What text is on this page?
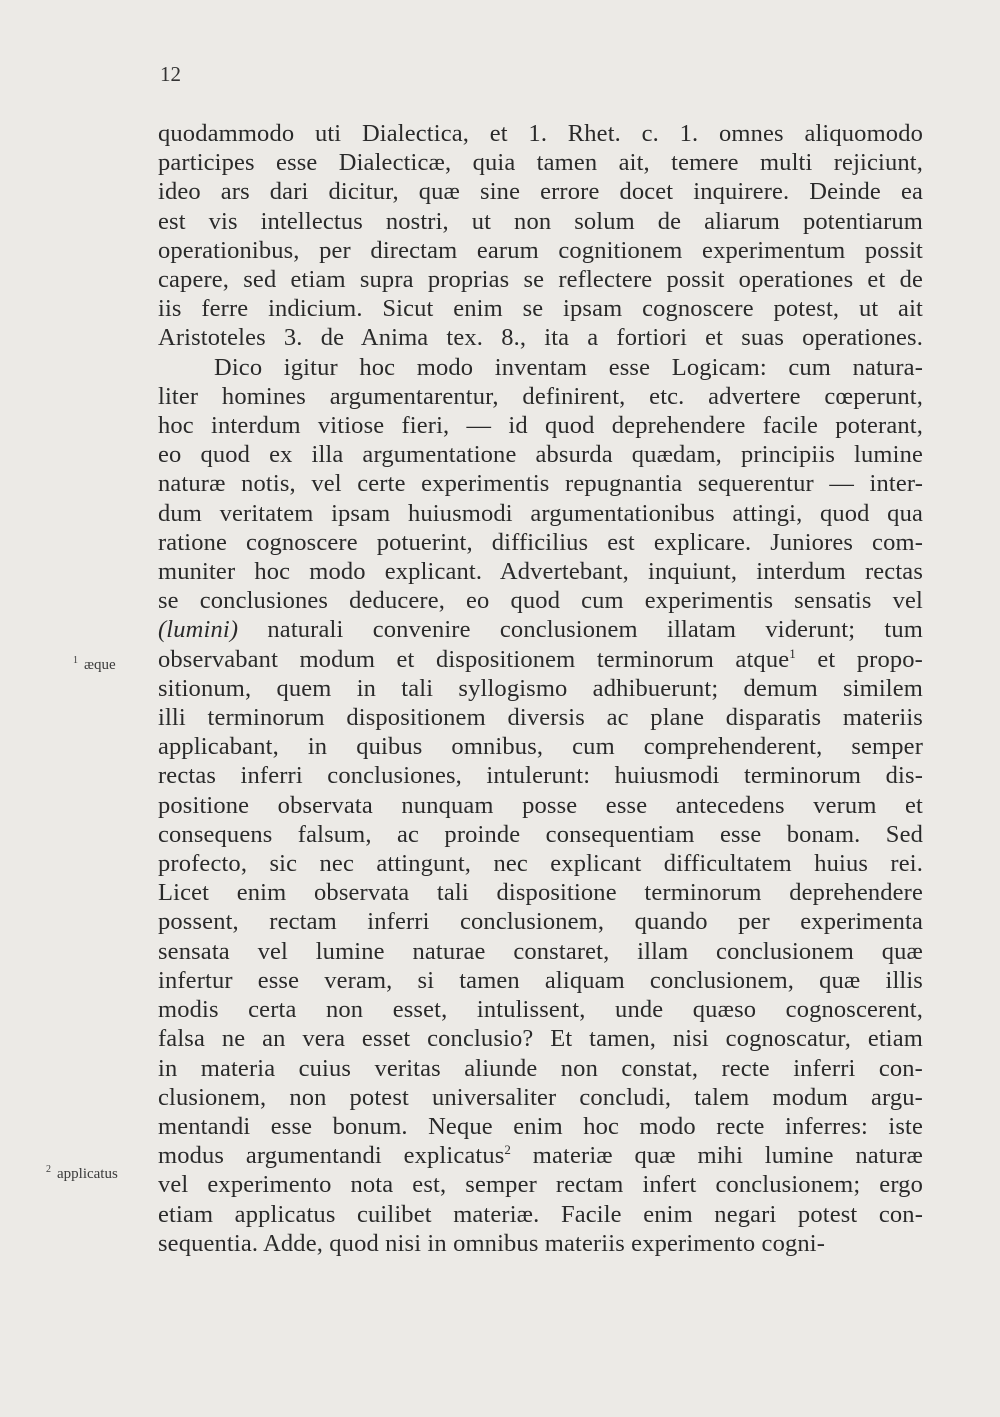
12
$^1$ æque
$^2$ applicatus
quodammodo uti Dialectica, et 1. Rhet. c. 1. omnes aliquomodo
participes esse Dialecticæ, quia tamen ait, temere multi rejiciunt,
ideo ars dari dicitur, quæ sine errore docet inquirere. Deinde ea
est vis intellectus nostri, ut non solum de aliarum potentiarum
operationibus, per directam earum cognitionem experimentum possit
capere, sed etiam supra proprias se reflectere possit operationes et de
iis ferre indicium. Sicut enim se ipsam cognoscere potest, ut ait
Aristoteles 3. de Anima tex. 8., ita a fortiori et suas operationes.
Dico igitur hoc modo inventam esse Logicam: cum natura-
liter homines argumentarentur, definirent, etc. advertere cœperunt,
hoc interdum vitiose fieri, — id quod deprehendere facile poterant,
eo quod ex illa argumentatione absurda quædam, principiis lumine
naturæ notis, vel certe experimentis repugnantia sequerentur — inter-
dum veritatem ipsam huiusmodi argumentationibus attingi, quod qua
ratione cognoscere potuerint, difficilius est explicare. Juniores com-
muniter hoc modo explicant. Advertebant, inquiunt, interdum rectas
se conclusiones deducere, eo quod cum experimentis sensatis vel
(lumini) naturali convenire conclusionem illatam viderunt; tum
observabant modum et dispositionem terminorum atque$^1$ et propo-
sitionum, quem in tali syllogismo adhibuerunt; demum similem
illi terminorum dispositionem diversis ac plane disparatis materiis
applicabant, in quibus omnibus, cum comprehenderent, semper
rectas inferri conclusiones, intulerunt: huiusmodi terminorum dis-
positione observata nunquam posse esse antecedens verum et
consequens falsum, ac proinde consequentiam esse bonam. Sed
profecto, sic nec attingunt, nec explicant difficultatem huius rei.
Licet enim observata tali dispositione terminorum deprehendere
possent, rectam inferri conclusionem, quando per experimenta
sensata vel lumine naturae constaret, illam conclusionem quæ
infertur esse veram, si tamen aliquam conclusionem, quæ illis
modis certa non esset, intulissent, unde quæso cognoscerent,
falsa ne an vera esset conclusio? Et tamen, nisi cognoscatur, etiam
in materia cuius veritas aliunde non constat, recte inferri con-
clusionem, non potest universaliter concludi, talem modum argu-
mentandi esse bonum. Neque enim hoc modo recte inferres: iste
modus argumentandi explicatus$^2$ materiæ quæ mihi lumine naturæ
vel experimento nota est, semper rectam infert conclusionem; ergo
etiam applicatus cuilibet materiæ. Facile enim negari potest con-
sequentia. Adde, quod nisi in omnibus materiis experimento cogni-
